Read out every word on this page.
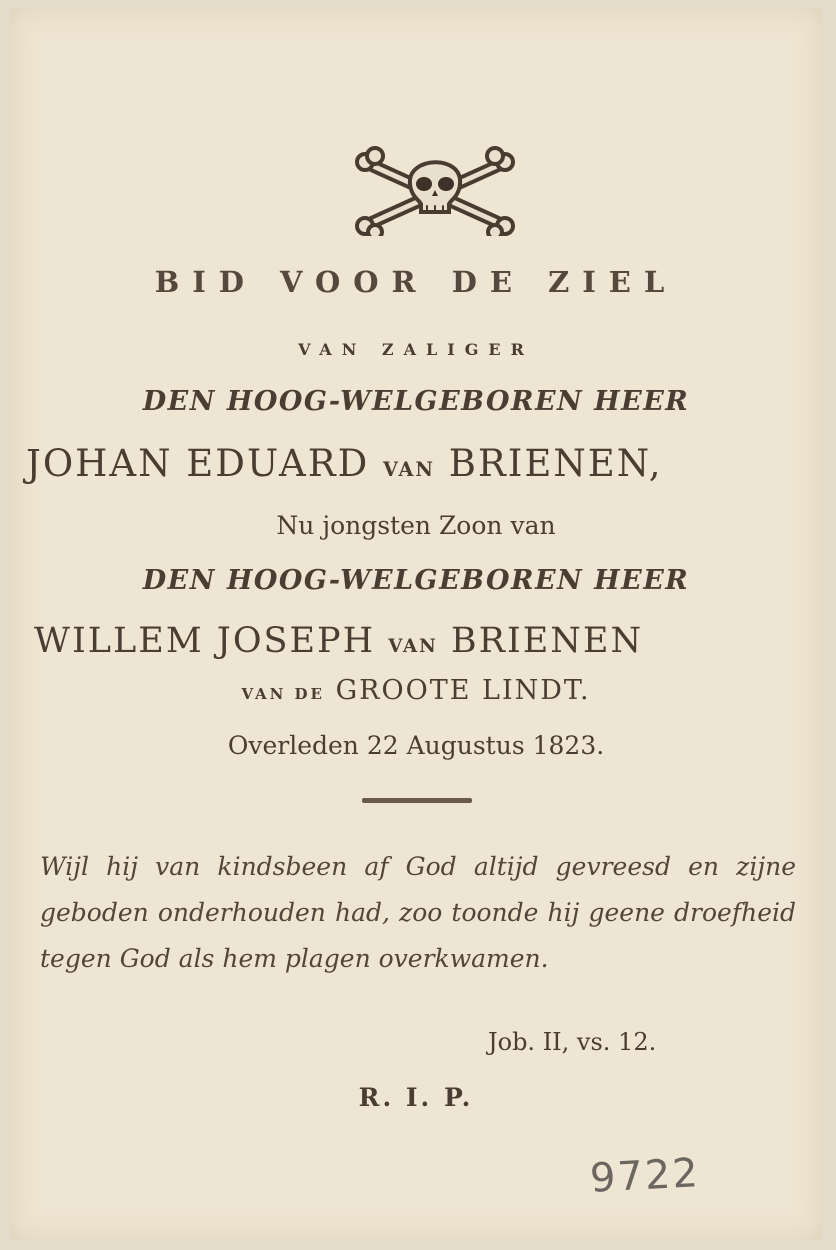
BID VOOR DE ZIEL
VAN ZALIGER
DEN HOOG-WELGEBOREN HEER
JOHAN EDUARD VAN BRIENEN,
Nu jongsten Zoon van
DEN HOOG-WELGEBOREN HEER
WILLEM JOSEPH VAN BRIENEN
VAN DE GROOTE LINDT.
Overleden 22 Augustus 1823.
Wijl hij van kindsbeen af God altijd gevreesd en zijne geboden onderhouden had, zoo toonde hij geene droefheid tegen God als hem plagen overkwamen.
Job. II, vs. 12.
R. I. P.
9722
